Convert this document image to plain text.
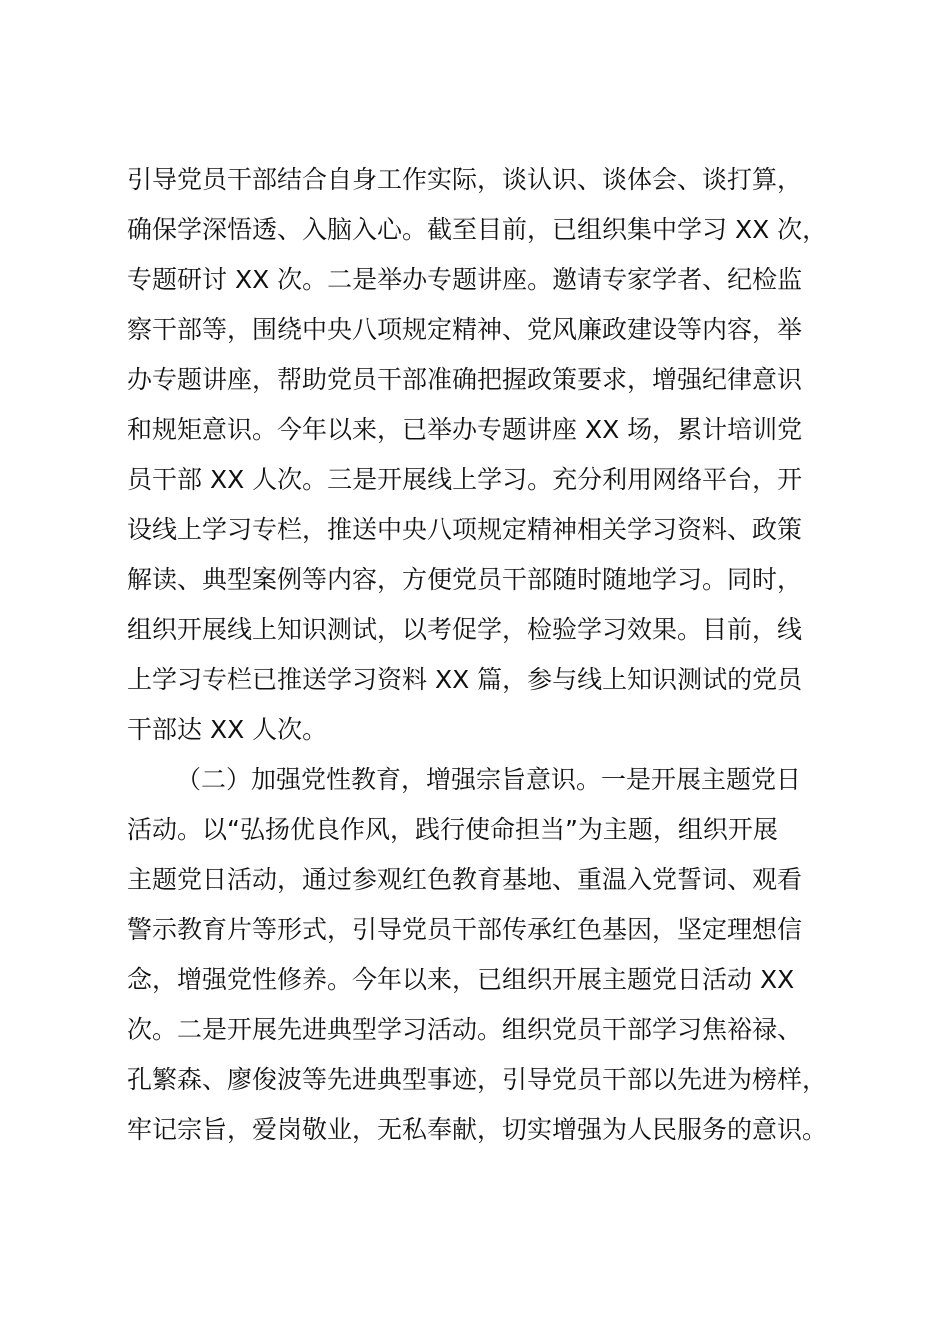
引导党员干部结合自身工作实际，谈认识、谈体会、谈打算，
确保学深悟透、入脑入心。截至目前，已组织集中学习 XX 次，
专题研讨 XX 次。二是举办专题讲座。邀请专家学者、纪检监
察干部等，围绕中央八项规定精神、党风廉政建设等内容，举
办专题讲座，帮助党员干部准确把握政策要求，增强纪律意识
和规矩意识。今年以来，已举办专题讲座 XX 场，累计培训党
员干部 XX 人次。三是开展线上学习。充分利用网络平台，开
设线上学习专栏，推送中央八项规定精神相关学习资料、政策
解读、典型案例等内容，方便党员干部随时随地学习。同时，
组织开展线上知识测试，以考促学，检验学习效果。目前，线
上学习专栏已推送学习资料 XX 篇，参与线上知识测试的党员
干部达 XX 人次。
（二）加强党性教育，增强宗旨意识。一是开展主题党日
活动。以“弘扬优良作风，践行使命担当”为主题，组织开展
主题党日活动，通过参观红色教育基地、重温入党誓词、观看
警示教育片等形式，引导党员干部传承红色基因，坚定理想信
念，增强党性修养。今年以来，已组织开展主题党日活动 XX
次。二是开展先进典型学习活动。组织党员干部学习焦裕禄、
孔繁森、廖俊波等先进典型事迹，引导党员干部以先进为榜样，
牢记宗旨，爱岗敬业，无私奉献，切实增强为人民服务的意识。
